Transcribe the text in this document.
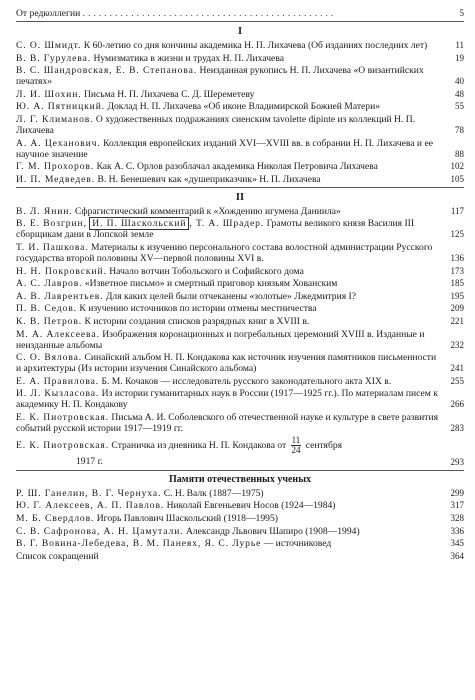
От редколлегии . . . . . . . . . . . . . . . . . . . . . . . . . . . . . . . . . . . . . . . . . . . . . . .	5
I
С. О. Шмидт. К 60-летию со дня кончины академика Н. П. Лихачева (Об изданиях последних лет)	11
В. В. Гурулева. Нумизматика в жизни и трудах Н. П. Лихачева	19
В. С. Шандровская, Е. В. Степанова. Неизданная рукопись Н. П. Лихачева «О византийских печатях»	40
Л. И. Шохин. Письма Н. П. Лихачева С. Д. Шереметеву	48
Ю. А. Пятницкий. Доклад Н. П. Лихачева «Об иконе Владимирской Божией Матери»	55
Л. Г. Климанов. О художественных подражаниях сиенским tavolette dipinte из коллекций Н. П. Лихачева	78
А. А. Цеханович. Коллекция европейских изданий XVI—XVIII вв. в собрании Н. П. Лихачева и ее научное значение	88
Г. М. Прохоров. Как А. С. Орлов разоблачал академика Николая Петровича Лихачева	102
И. П. Медведев. В. Н. Бенешевич как «душеприказчик» Н. П. Лихачева	105
II
В. Л. Янин. Сфрагистический комментарий к «Хождению игумена Даниила»	117
В. Е. Возгрин, И. П. Шаскольский , Т. А. Шрадер. Грамоты великого князя Василия III сборщикам дани в Лопской земле	125
Т. И. Пашкова. Материалы к изучению персонального состава волостной администрации Русского государства второй половины XV—первой половины XVI в.	136
Н. Н. Покровский. Начало вотчин Тобольского и Софийского дома	173
А. С. Лавров. «Изветное письмо» и смертный приговор князьям Хованским	185
А. В. Лаврентьев. Для каких целей были отчеканены «золотые» Лжедмитрия I?	195
П. В. Седов. К изучению источников по истории отмены местничества	209
К. В. Петров. К истории создания списков разрядных книг в XVIII в.	221
М. А. Алексеева. Изображения коронационных и погребальных церемоний XVIII в. Изданные и неизданные альбомы	232
С. О. Вялова. Синайский альбом Н. П. Кондакова как источник изучения памятников письменности и архитектуры (Из истории изучения Синайского альбома)	241
Е. А. Правилова. Б. М. Кочаков — исследователь русского законодательного акта XIX в.	255
И. Л. Кызласова. Из истории гуманитарных наук в России (1917—1925 гг.). По материалам писем к академику Н. П. Кондакову	266
Е. К. Пиотровская. Письма А. И. Соболевского об отечественной науке и культуре в свете развития событий русской истории 1917—1919 гг.	283
Е. К. Пиотровская. Страничка из дневника Н. П. Кондакова от $\frac{11}{24}$ сентября
1917 г.	293
Памяти отечественных ученых
Р. Ш. Ганелин, В. Г. Чернуха. С. Н. Валк (1887—1975)	299
Ю. Г. Алексеев, А. П. Павлов. Николай Евгеньевич Носов (1924—1984)	317
М. Б. Свердлов. Игорь Павлович Шаскольский (1918—1995)	328
С. В. Сафронова, А. Н. Цамутали. Александр Львович Шапиро (1908—1994)	336
В. Г. Вовина-Лебедева, В. М. Панеях, Я. С. Лурье — источниковед	345
Список сокращений	364
